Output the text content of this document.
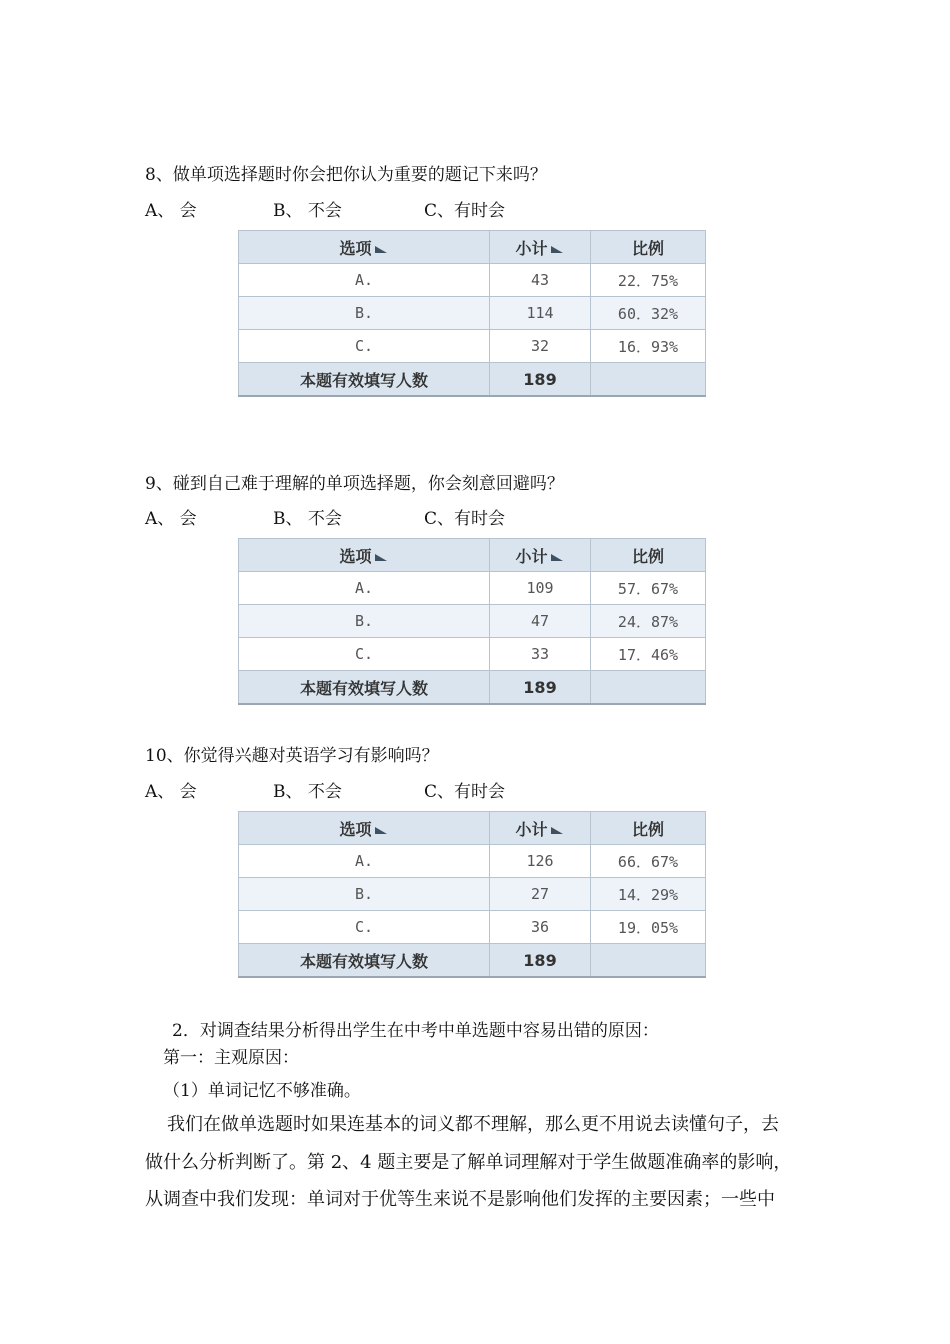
8、做单项选择题时你会把你认为重要的题记下来吗？
A、 会	B、 不会	C、有时会
选项	小计	比例
A.	43	22．75%
B.	114	60．32%
C.	32	16．93%
本题有效填写人数	189	
9、碰到自己难于理解的单项选择题，你会刻意回避吗？
A、 会	B、 不会	C、有时会
选项	小计	比例
A.	109	57．67%
B.	47	24．87%
C.	33	17．46%
本题有效填写人数	189	
10、你觉得兴趣对英语学习有影响吗？
A、 会	B、 不会	C、有时会
选项	小计	比例
A.	126	66．67%
B.	27	14．29%
C.	36	19．05%
本题有效填写人数	189	
2．对调查结果分析得出学生在中考中单选题中容易出错的原因：
第一：主观原因：
（1）单词记忆不够准确。
我们在做单选题时如果连基本的词义都不理解，那么更不用说去读懂句子，去
做什么分析判断了。第 2、4 题主要是了解单词理解对于学生做题准确率的影响，
从调查中我们发现：单词对于优等生来说不是影响他们发挥的主要因素；一些中
